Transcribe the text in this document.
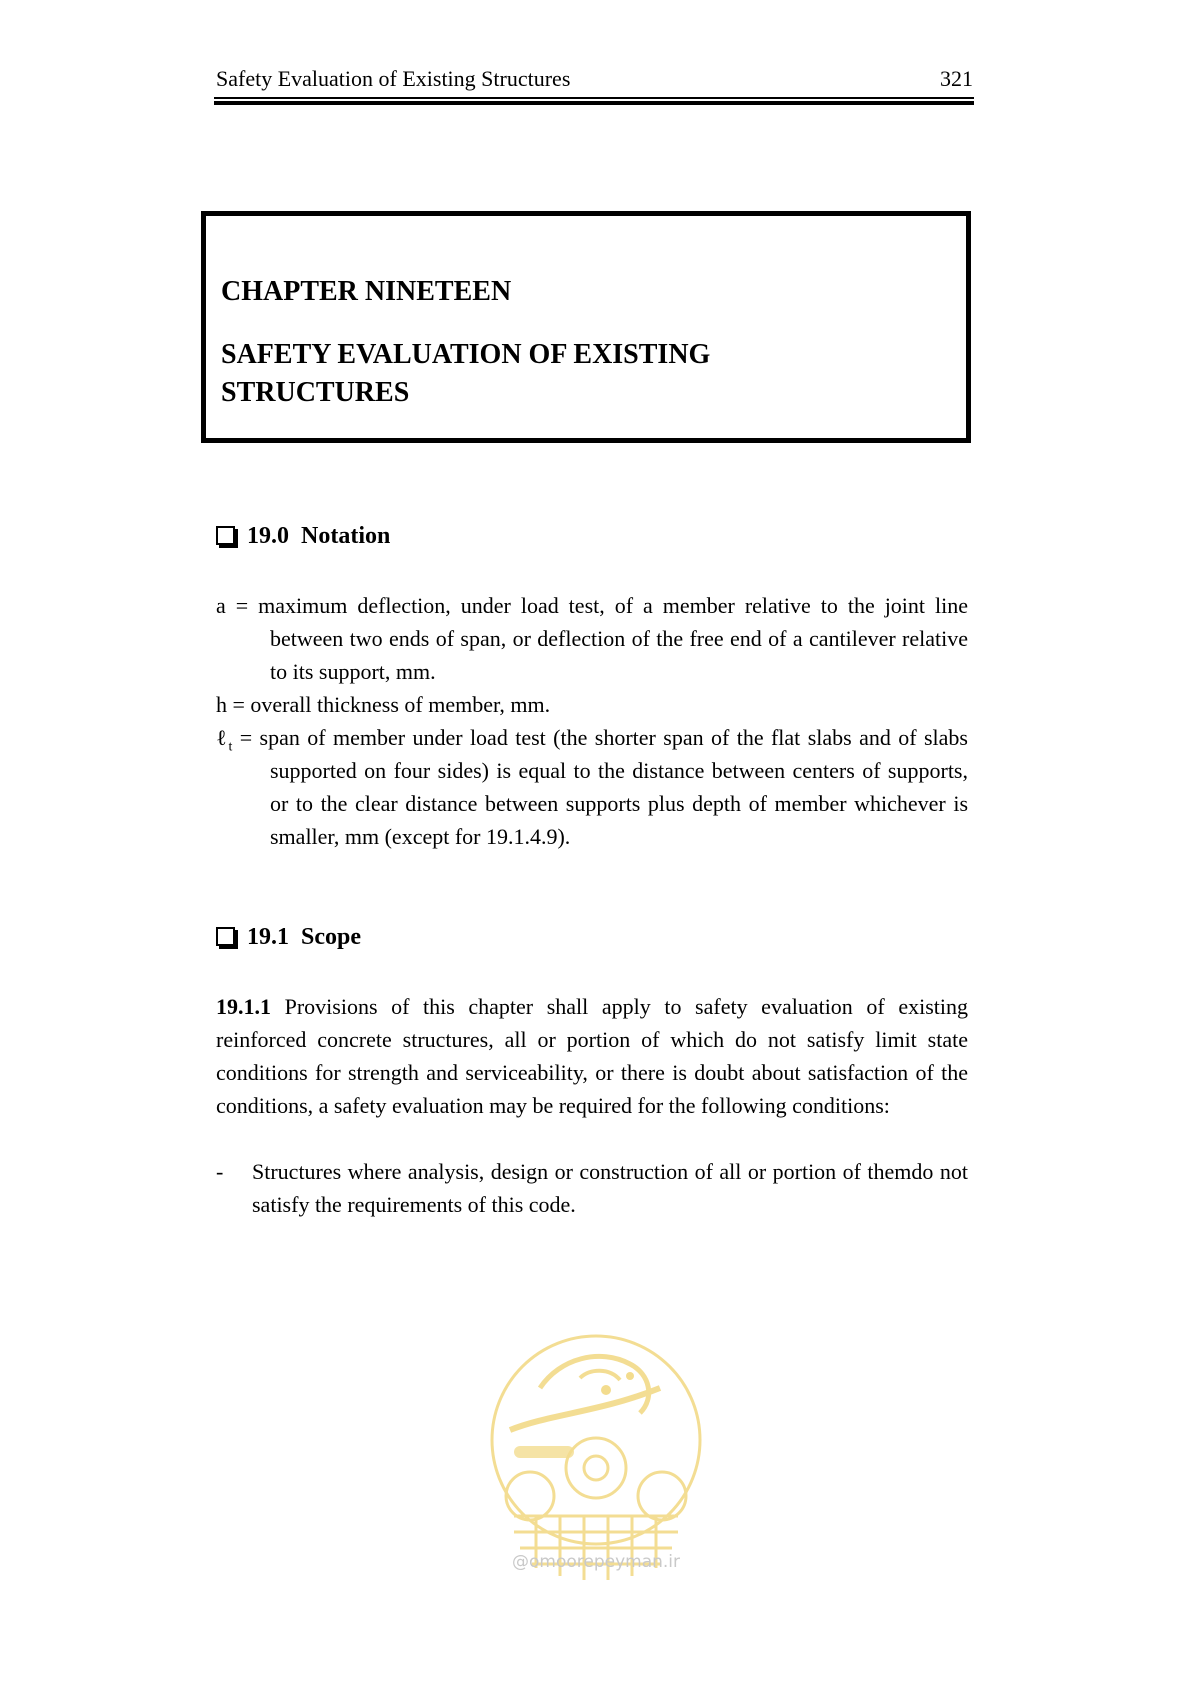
Safety Evaluation of Existing Structures	321
CHAPTER NINETEEN
SAFETY EVALUATION OF EXISTING STRUCTURES
19.0 Notation
a = maximum deflection, under load test, of a member relative to the joint line between two ends of span, or deflection of the free end of a cantilever relative to its support, mm.
h = overall thickness of member, mm.
ℓ$_t$ = span of member under load test (the shorter span of the flat slabs and of slabs supported on four sides) is equal to the distance between centers of supports, or to the clear distance between supports plus depth of member whichever is smaller, mm (except for 19.1.4.9).
19.1 Scope
19.1.1 Provisions of this chapter shall apply to safety evaluation of existing reinforced concrete structures, all or portion of which do not satisfy limit state conditions for strength and serviceability, or there is doubt about satisfaction of the conditions, a safety evaluation may be required for the following conditions:
- Structures where analysis, design or construction of all or portion of themdo not satisfy the requirements of this code.
@omoorepeyman.ir
